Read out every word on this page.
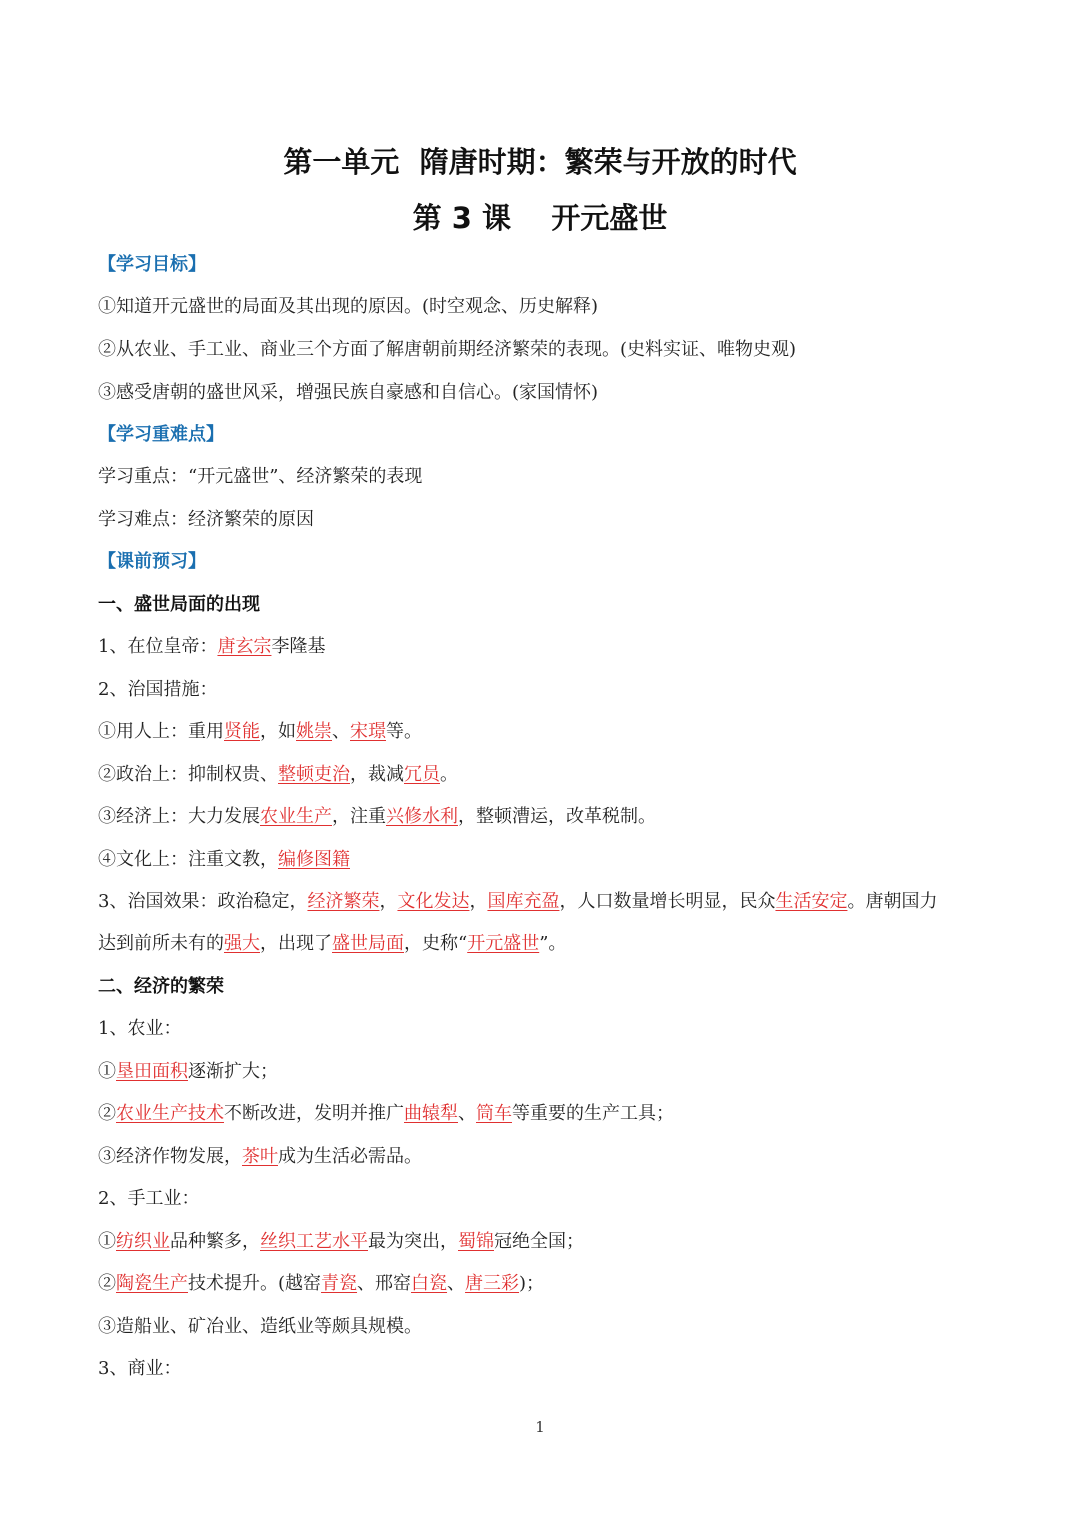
第一单元  隋唐时期：繁荣与开放的时代
第 3 课    开元盛世
【学习目标】
①知道开元盛世的局面及其出现的原因。(时空观念、历史解释)
②从农业、手工业、商业三个方面了解唐朝前期经济繁荣的表现。(史料实证、唯物史观)
③感受唐朝的盛世风采，增强民族自豪感和自信心。(家国情怀)
【学习重难点】
学习重点：“开元盛世”、经济繁荣的表现
学习难点：经济繁荣的原因
【课前预习】
一、盛世局面的出现
1、在位皇帝：唐玄宗李隆基
2、治国措施：
①用人上：重用贤能，如姚崇、宋璟等。
②政治上：抑制权贵、整顿吏治，裁减冗员。
③经济上：大力发展农业生产，注重兴修水利，整顿漕运，改革税制。
④文化上：注重文教，编修图籍
3、治国效果：政治稳定，经济繁荣，文化发达，国库充盈，人口数量增长明显，民众生活安定。唐朝国力
达到前所未有的强大，出现了盛世局面，史称“开元盛世”。
二、经济的繁荣
1、农业：
①垦田面积逐渐扩大；
②农业生产技术不断改进，发明并推广曲辕犁、筒车等重要的生产工具；
③经济作物发展，茶叶成为生活必需品。
2、手工业：
①纺织业品种繁多，丝织工艺水平最为突出，蜀锦冠绝全国；
②陶瓷生产技术提升。(越窑青瓷、邢窑白瓷、唐三彩)；
③造船业、矿冶业、造纸业等颇具规模。
3、商业：
1
